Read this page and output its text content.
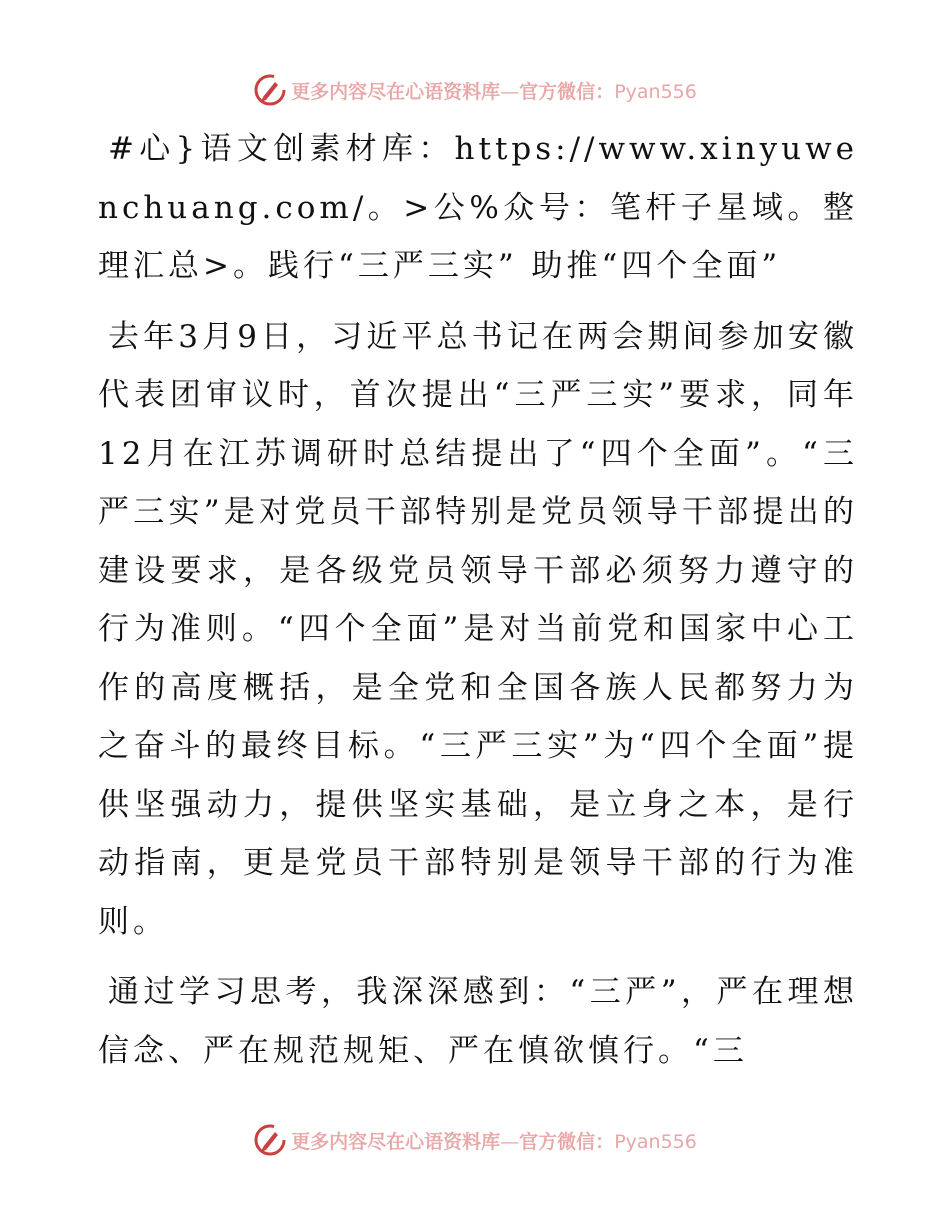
更多内容尽在心语资料库—官方微信：Pyan556

#心}语文创素材库：https://www.xinyuwenchuang.com/。>公%众号：笔杆子星域。整理汇总>。践行“三严三实” 助推“四个全面”

去年3月9日，习近平总书记在两会期间参加安徽代表团审议时，首次提出“三严三实”要求，同年12月在江苏调研时总结提出了“四个全面”。“三严三实”是对党员干部特别是党员领导干部提出的建设要求，是各级党员领导干部必须努力遵守的行为准则。“四个全面”是对当前党和国家中心工作的高度概括，是全党和全国各族人民都努力为之奋斗的最终目标。“三严三实”为“四个全面”提供坚强动力，提供坚实基础，是立身之本，是行动指南，更是党员干部特别是领导干部的行为准则。

通过学习思考，我深深感到：“三严”，严在理想信念、严在规范规矩、严在慎欲慎行。“三

更多内容尽在心语资料库—官方微信：Pyan556
